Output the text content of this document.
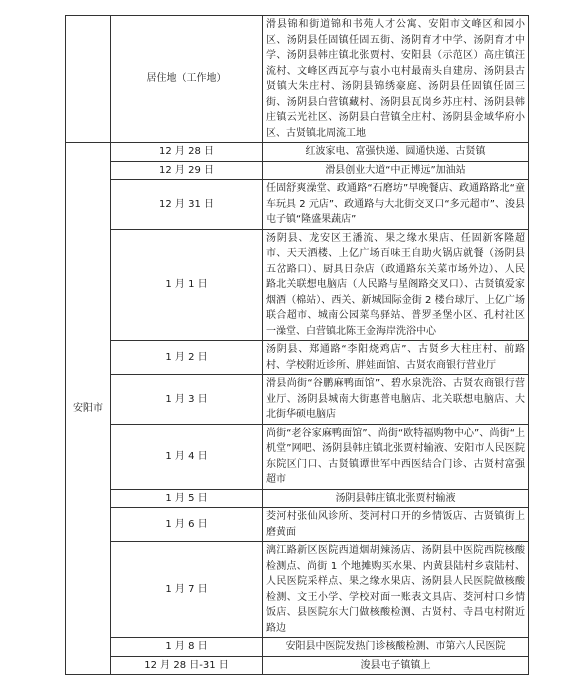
	居住地（工作地）	滑县锦和街道锦和书苑人才公寓、安阳市文峰区和园小区、汤阴县任固镇任固五街、汤阴育才中学、汤阴育才中学、汤阴县韩庄镇北张贾村、安阳县（示范区）高庄镇汪流村、文峰区西瓦亭与袁小屯村最南头自建房、汤阴县古贤镇大朱庄村、汤阴县锦绣豪庭、汤阴县任固镇任固三街、汤阴县白营镇藏村、汤阴县瓦岗乡苏庄村、汤阴县韩庄镇云光社区、汤阴县白营镇全庄村、汤阴县金域华府小区、古贤镇北周流工地
安阳市	12 月 28 日	红波家电、富强快递、圆通快递、古贤镇
	12 月 29 日	滑县创业大道“中正博远”加油站
	12 月 31 日	任固舒爽澡堂、政通路“石磨坊”早晚餐店、政通路路北“童车玩具 2 元店”、政通路与大北街交叉口“多元超市”、浚县屯子镇“隆盛果蔬店”
	1 月 1 日	汤阴县、龙安区王潘流、果之缘水果店、任固新客隆超市、天天酒楼、上亿广场百味王自助火锅店就餐（汤阴县五岔路口）、厨具日杂店（政通路东关菜市场外边）、人民路北关联想电脑店（人民路与星阁路交叉口）、古贤镇爱家烟酒（棉站）、西关、新城国际金街 2 楼台球厅、上亿广场联合超市、城南公园菜鸟驿站、普罗圣堡小区、孔村社区一澡堂、白营镇北陈王金海岸洗浴中心
	1 月 2 日	汤阴县、郑通路“李阳烧鸡店”、古贤乡大柱庄村、前路村、学校附近诊所、胖娃面馆、古贤农商银行营业厅
	1 月 3 日	滑县尚街“谷鹏麻鸭面馆”、碧水泉洗浴、古贤农商银行营业厅、汤阴县城南大街惠普电脑店、北关联想电脑店、大北街华硕电脑店
	1 月 4 日	尚街“老谷家麻鸭面馆”、尚街“欧特福购物中心”、尚街“上机堂”网吧、汤阴县韩庄镇北张贾村输液、安阳市人民医院东院区门口、古贤镇谭世军中西医结合门诊、古贤村富强超市
	1 月 5 日	汤阴县韩庄镇北张贾村输液
	1 月 6 日	茭河村张仙风诊所、茭河村口开的乡情饭店、古贤镇街上磨黄面
	1 月 7 日	漓江路新区医院西道烟胡辣汤店、汤阴县中医院西院核酸检测点、尚街 1 个地摊购买水果、内黄县陆村乡袁陆村、人民医院采样点、果之缘水果店、汤阴县人民医院做核酸检测、文王小学、学校对面一账表文具店、茭河村口乡情饭店、县医院东大门做核酸检测、古贤村、寺昌屯村附近路边
	1 月 8 日	安阳县中医院发热门诊核酸检测、市第六人民医院
	12 月 28 日-31 日	浚县屯子镇镇上
